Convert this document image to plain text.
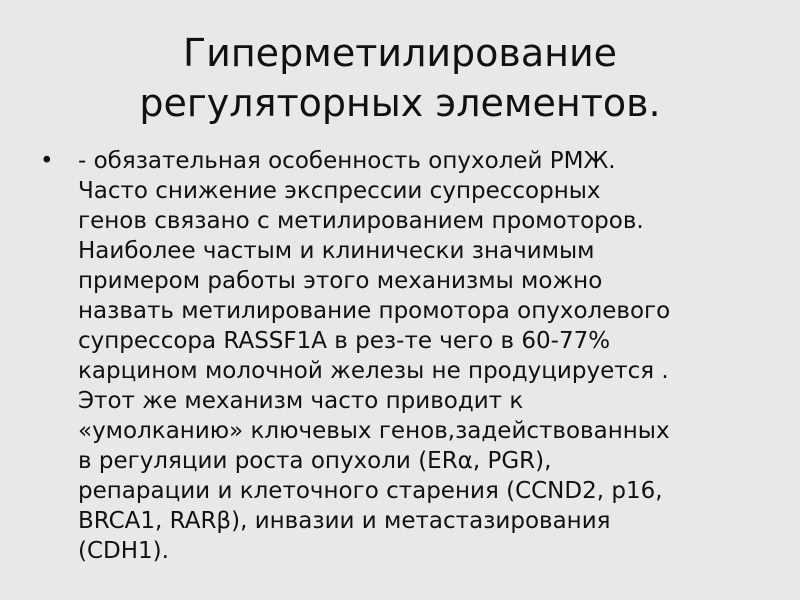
Гиперметилирование
регуляторных элементов.
• - обязательная особенность опухолей РМЖ.
Часто снижение экспрессии супрессорных
генов связано с метилированием промоторов.
Наиболее частым и клинически значимым
примером работы этого механизмы можно
назвать метилирование промотора опухолевого
супрессора RASSF1A в рез-те чего в 60-77%
карцином молочной железы не продуцируется .
Этот же механизм часто приводит к
«умолканию» ключевых генов,задействованных
в регуляции роста опухоли (ERα, PGR),
репарации и клеточного старения (CCND2, p16,
BRCA1, RARβ), инвазии и метастазирования
(CDH1).
